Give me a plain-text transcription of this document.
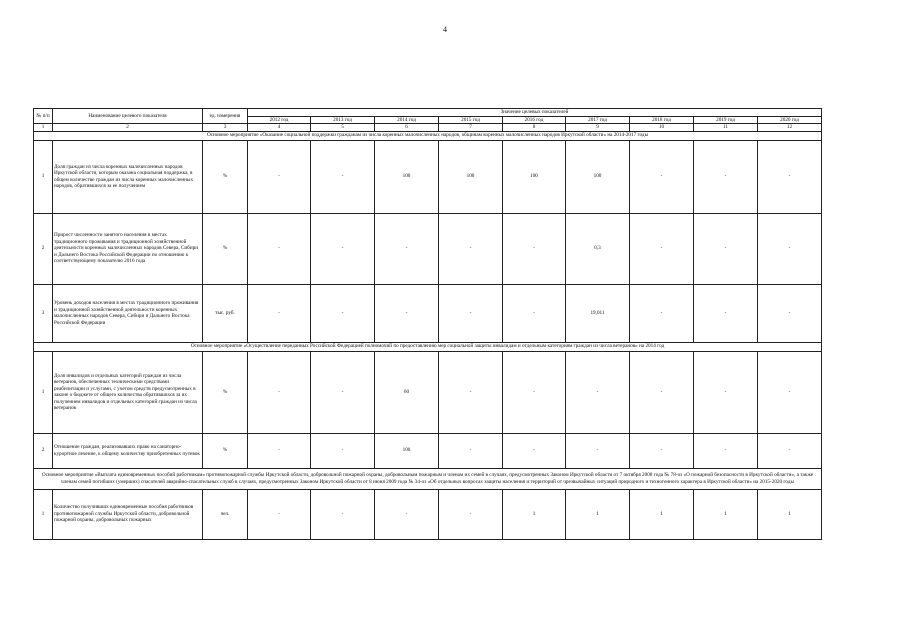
4
№ п/п	Наименование целевого показателя	ед. измерения	Значение целевых показателей								
			2012 год	2013 год	2014 год	2015 год	2016 год	2017 год	2018 год	2019 год	2020 год
1	2	3	4	5	6	7	8	9	10	11	12
Основное мероприятие «Оказание социальной поддержки гражданам из числа коренных малочисленных народов, общинам коренных малочисленных народов Иркутской области» на 2014-2017 годы											
1	Доля граждан из числа коренных малочисленных народов Иркутской области, которым оказана социальная поддержка, в общем количестве граждан из числа коренных малочисленных народов, обратившихся за ее получением	%	-	-	100	100	100	100	-	-	-
2	Прирост численности занятого населения в местах традиционного проживания и традиционной хозяйственной деятельности коренных малочисленных народов Севера, Сибири и Дальнего Востока Российской Федерации по отношению к соответствующему показателю 2016 года	%	-	-	-	-	-	0,3	-	-	-
3	Уровень доходов населения в местах традиционного проживания и традиционной хозяйственной деятельности коренных малочисленных народов Севера, Сибири и Дальнего Востока Российской Федерации	тыс. руб.	-	-	-	-	-	19,011	-	-	-
Основное мероприятие «Осуществление переданных Российской Федерацией полномочий по предоставлению мер социальной защиты инвалидам и отдельным категориям граждан из числа ветеранов» на 2014 год											
1	Доля инвалидов и отдельных категорий граждан из числа ветеранов, обеспеченных техническими средствами реабилитации и услугами, с учетом средств предусмотренных в законе о бюджете от общего количества обратившихся за их получением инвалидов и отдельных категорий граждан из числа ветеранов	%	-	-	60	-	-	-	-	-	-
2	Отношение граждан, реализовавших право на санаторно-курортное лечение, к общему количеству приобретенных путевок	%	-	-	100	-	-	-	-	-	-
Основное мероприятие «Выплата единовременных пособий работникам» противопожарной службы Иркутской области, добровольной пожарной охраны, добровольным пожарным и членам их семей в случаях, предусмотренных Законом Иркутской области от 7 октября 2008 года № 78-оз «О пожарной безопасности в Иркутской области», а также членам семей погибших (умерших) спасателей аварийно-спасательных служб в случаях, предусмотренных Законом Иркутской области от 8 июня 2009 года № 34-оз «Об отдельных вопросах защиты населения и территорий от чрезвычайных ситуаций природного и техногенного характера в Иркутской области» на 2015-2020 годы											
1	Количество получивших единовременные пособия работников противопожарной службы Иркутской области, добровольной пожарной охраны, добровольных пожарных	чел.	-	-	-	-	1	1	1	1	1
